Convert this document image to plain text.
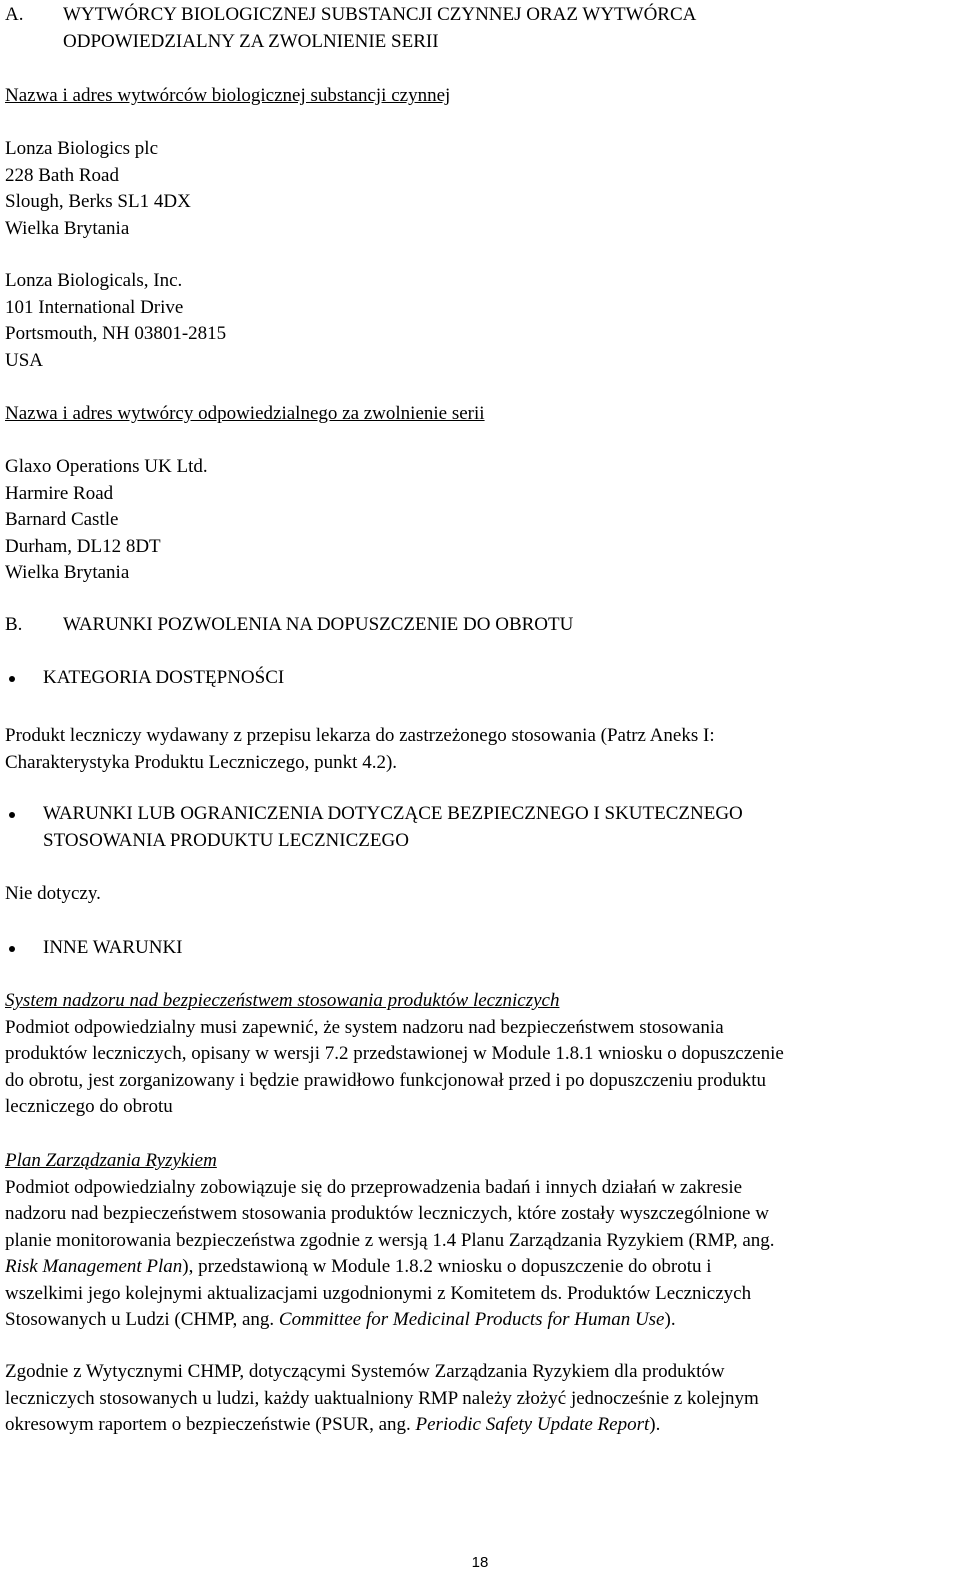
A. WYTWÓRCY BIOLOGICZNEJ SUBSTANCJI CZYNNEJ ORAZ WYTWÓRCA
ODPOWIEDZIALNY ZA ZWOLNIENIE SERII
Nazwa i adres wytwórców biologicznej substancji czynnej
Lonza Biologics plc
228 Bath Road
Slough, Berks SL1 4DX
Wielka Brytania
Lonza Biologicals, Inc.
101 International Drive
Portsmouth, NH 03801-2815
USA
Nazwa i adres wytwórcy odpowiedzialnego za zwolnienie serii
Glaxo Operations UK Ltd.
Harmire Road
Barnard Castle
Durham, DL12 8DT
Wielka Brytania
B. WARUNKI POZWOLENIA NA DOPUSZCZENIE DO OBROTU
KATEGORIA DOSTĘPNOŚCI
Produkt leczniczy wydawany z przepisu lekarza do zastrzeżonego stosowania (Patrz Aneks I:
Charakterystyka Produktu Leczniczego, punkt 4.2).
WARUNKI LUB OGRANICZENIA DOTYCZĄCE BEZPIECZNEGO I SKUTECZNEGO
STOSOWANIA PRODUKTU LECZNICZEGO
Nie dotyczy.
INNE WARUNKI
System nadzoru nad bezpieczeństwem stosowania produktów leczniczych
Podmiot odpowiedzialny musi zapewnić, że system nadzoru nad bezpieczeństwem stosowania
produktów leczniczych, opisany w wersji 7.2 przedstawionej w Module 1.8.1 wniosku o dopuszczenie
do obrotu, jest zorganizowany i będzie prawidłowo funkcjonował przed i po dopuszczeniu produktu
leczniczego do obrotu
Plan Zarządzania Ryzykiem
Podmiot odpowiedzialny zobowiązuje się do przeprowadzenia badań i innych działań w zakresie
nadzoru nad bezpieczeństwem stosowania produktów leczniczych, które zostały wyszczególnione w
planie monitorowania bezpieczeństwa zgodnie z wersją 1.4 Planu Zarządzania Ryzykiem (RMP, ang.
Risk Management Plan), przedstawioną w Module 1.8.2 wniosku o dopuszczenie do obrotu i
wszelkimi jego kolejnymi aktualizacjami uzgodnionymi z Komitetem ds. Produktów Leczniczych
Stosowanych u Ludzi (CHMP, ang. Committee for Medicinal Products for Human Use).
Zgodnie z Wytycznymi CHMP, dotyczącymi Systemów Zarządzania Ryzykiem dla produktów
leczniczych stosowanych u ludzi, każdy uaktualniony RMP należy złożyć jednocześnie z kolejnym
okresowym raportem o bezpieczeństwie (PSUR, ang. Periodic Safety Update Report).
18
